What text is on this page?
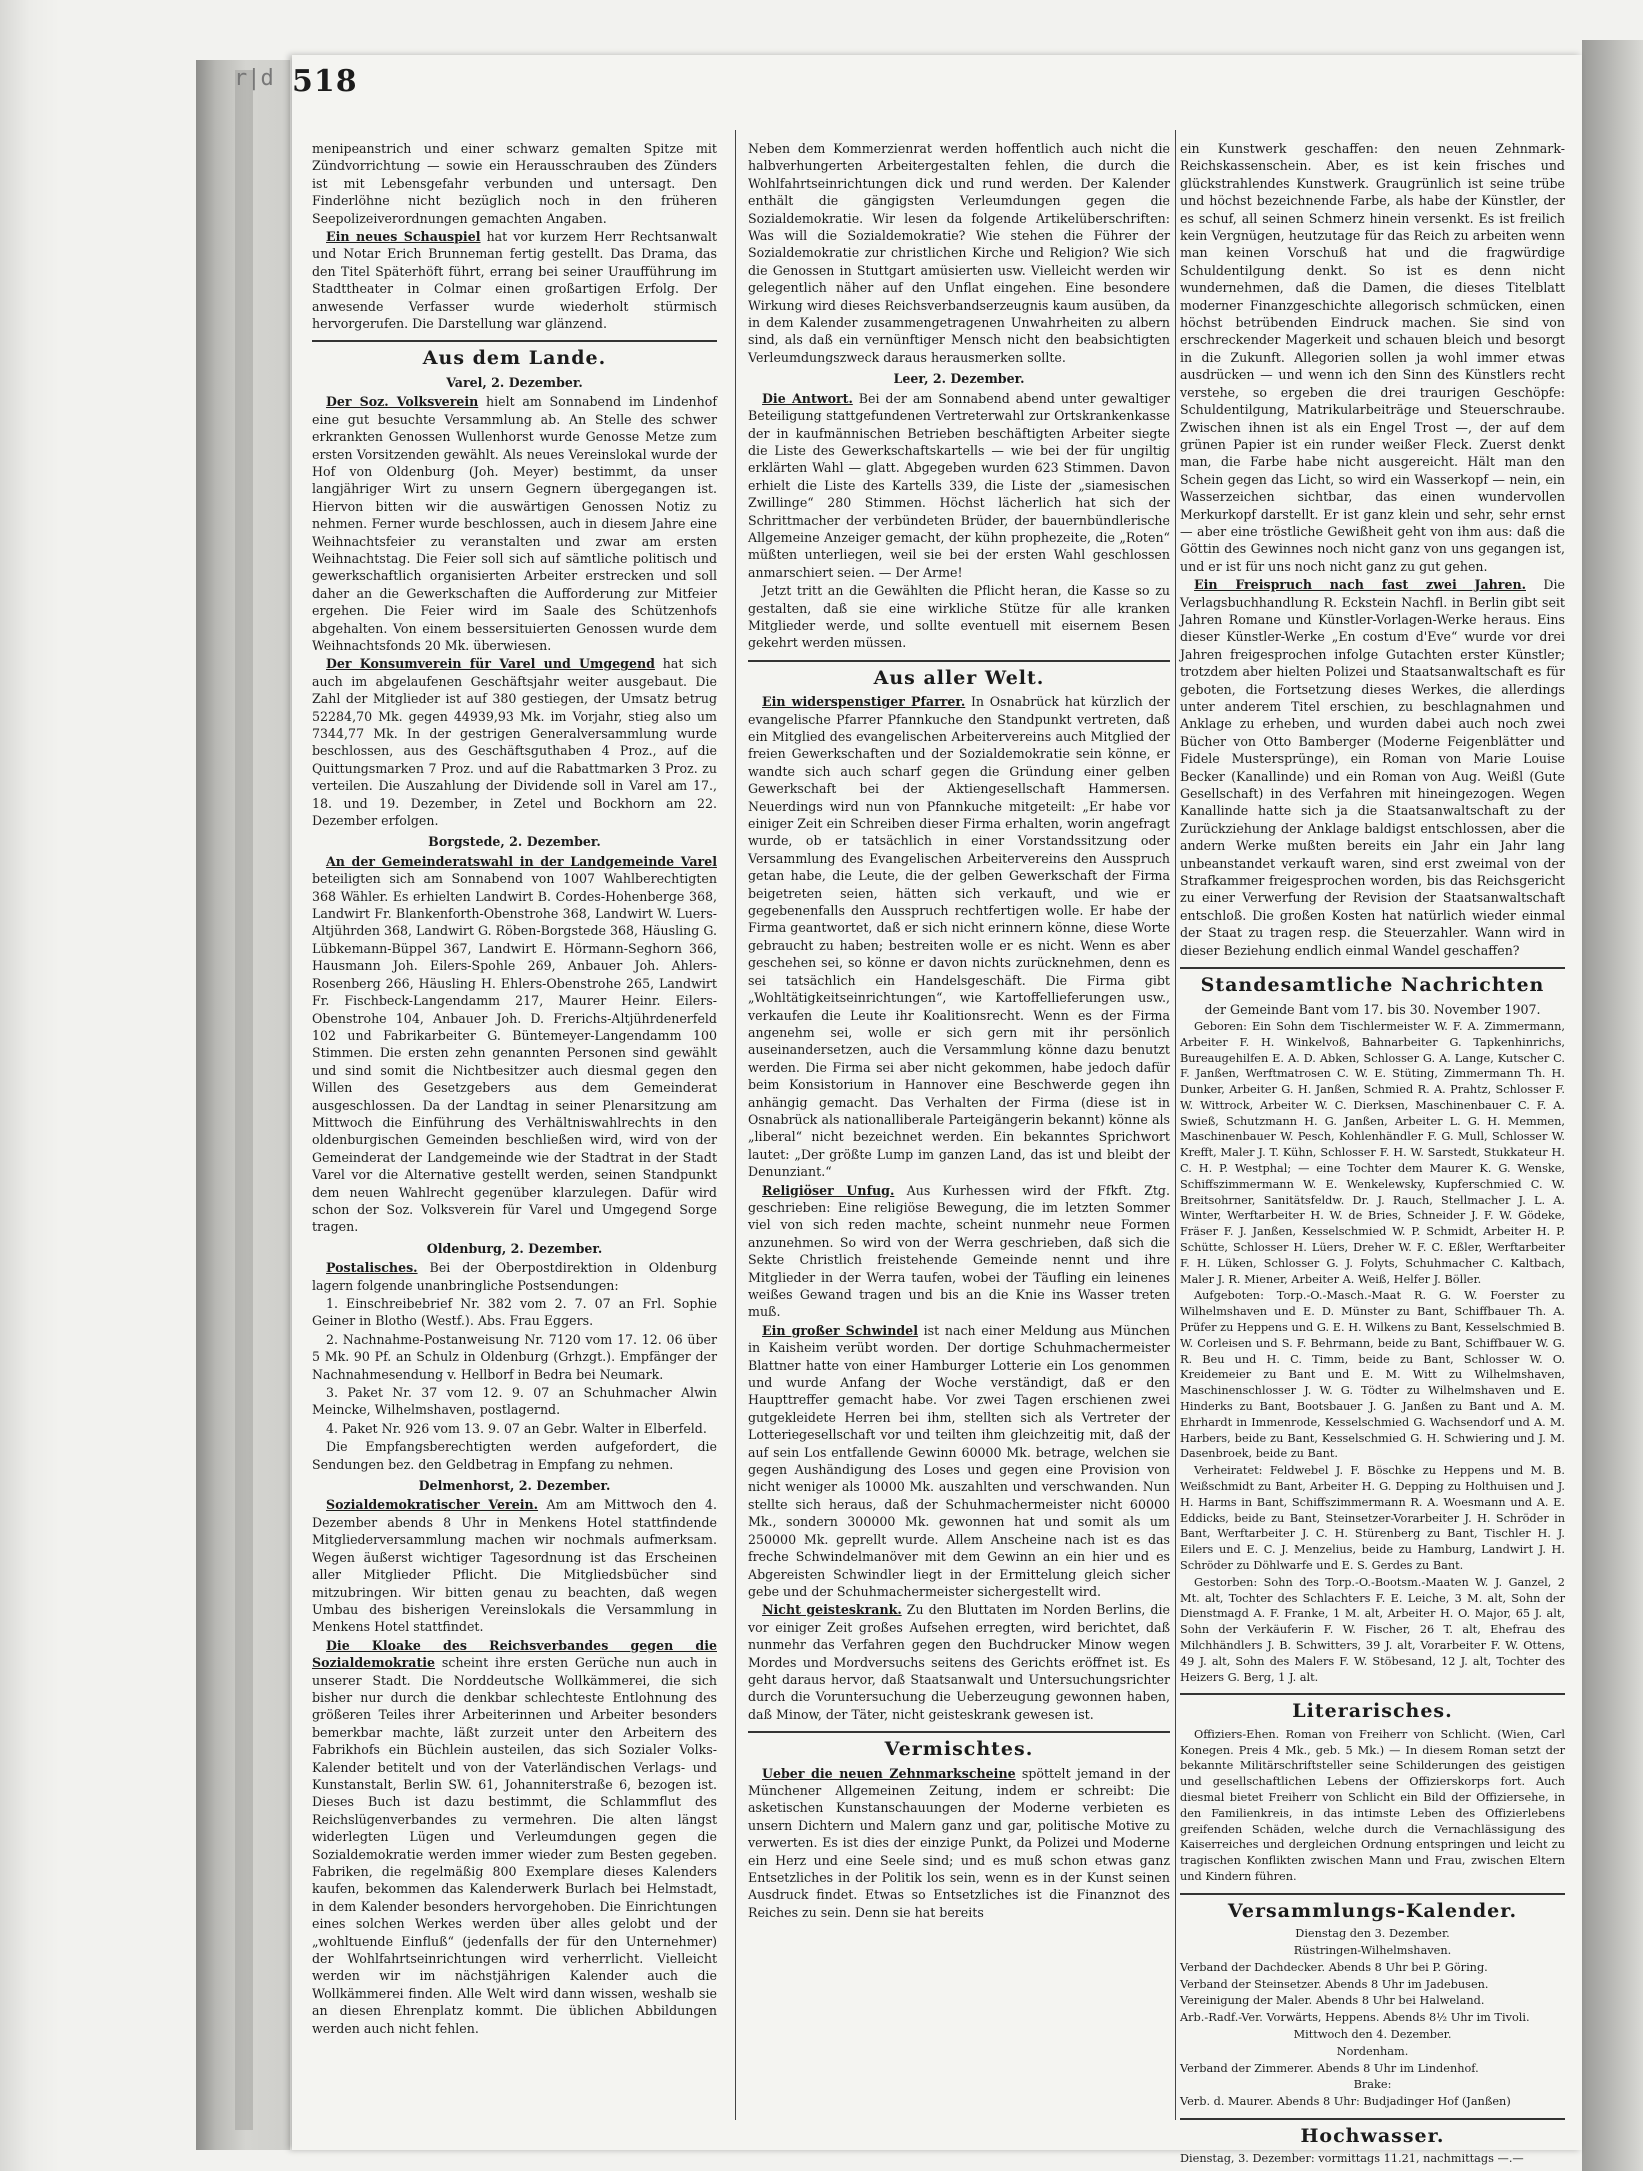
r|d 518

menipeanstrich und einer schwarz gemalten Spitze mit Zündvorrichtung — sowie ein Herausschrauben des Zünders ist mit Lebensgefahr verbunden und untersagt. Den Finderlöhne nicht bezüglich noch in den früheren Seepolizeiverordnungen gemachten Angaben.

Ein neues Schauspiel hat vor kurzem Herr Rechtsanwalt und Notar Erich Brunneman fertig gestellt. Das Drama, das den Titel Späterhöft führt, errang bei seiner Uraufführung im Stadttheater in Colmar einen großartigen Erfolg. Der anwesende Verfasser wurde wiederholt stürmisch hervorgerufen. Die Darstellung war glänzend.

Aus dem Lande.
Varel, 2. Dezember.

Der Soz. Volksverein hielt am Sonnabend im Lindenhof eine gut besuchte Versammlung ab. An Stelle des schwer erkrankten Genossen Wullenhorst wurde Genosse Metze zum ersten Vorsitzenden gewählt. Als neues Vereinslokal wurde der Hof von Oldenburg (Joh. Meyer) bestimmt, da unser langjähriger Wirt zu unsern Gegnern übergegangen ist. Hiervon bitten wir die auswärtigen Genossen Notiz zu nehmen. Ferner wurde beschlossen, auch in diesem Jahre eine Weihnachtsfeier zu veranstalten und zwar am ersten Weihnachtstag. Die Feier soll sich auf sämtliche politisch und gewerkschaftlich organisierten Arbeiter erstrecken und soll daher an die Gewerkschaften die Aufforderung zur Mitfeier ergehen. Die Feier wird im Saale des Schützenhofs abgehalten. Von einem bessersituierten Genossen wurde dem Weihnachtsfonds 20 Mk. überwiesen.

Der Konsumverein für Varel und Umgegend hat sich auch im abgelaufenen Geschäftsjahr weiter ausgebaut. Die Zahl der Mitglieder ist auf 380 gestiegen, der Umsatz betrug 52284,70 Mk. gegen 44939,93 Mk. im Vorjahr, stieg also um 7344,77 Mk. In der gestrigen Generalversammlung wurde beschlossen, aus des Geschäftsguthaben 4 Proz., auf die Quittungsmarken 7 Proz. und auf die Rabattmarken 3 Proz. zu verteilen. Die Auszahlung der Dividende soll in Varel am 17., 18. und 19. Dezember, in Zetel und Bockhorn am 22. Dezember erfolgen.

Borgstede, 2. Dezember.

An der Gemeinderatswahl in der Landgemeinde Varel beteiligten sich am Sonnabend von 1007 Wahlberechtigten 368 Wähler. Es erhielten Landwirt B. Cordes-Hohenberge 368, Landwirt Fr. Blankenforth-Obenstrohe 368, Landwirt W. Luers-Altjührden 368, Landwirt G. Röben-Borgstede 368, Häusling G. Lübkemann-Büppel 367, Landwirt E. Hörmann-Seghorn 366, Hausmann Joh. Eilers-Spohle 269, Anbauer Joh. Ahlers-Rosenberg 266, Häusling H. Ehlers-Obenstrohe 265, Landwirt Fr. Fischbeck-Langendamm 217, Maurer Heinr. Eilers-Obenstrohe 104, Anbauer Joh. D. Frerichs-Altjührdenerfeld 102 und Fabrikarbeiter G. Büntemeyer-Langendamm 100 Stimmen. Die ersten zehn genannten Personen sind gewählt und sind somit die Nichtbesitzer auch diesmal gegen den Willen des Gesetzgebers aus dem Gemeinderat ausgeschlossen. Da der Landtag in seiner Plenarsitzung am Mittwoch die Einführung des Verhältniswahlrechts in den oldenburgischen Gemeinden beschließen wird, wird von der Gemeinderat der Landgemeinde wie der Stadtrat in der Stadt Varel vor die Alternative gestellt werden, seinen Standpunkt dem neuen Wahlrecht gegenüber klarzulegen. Dafür wird schon der Soz. Volksverein für Varel und Umgegend Sorge tragen.

Oldenburg, 2. Dezember.

Postalisches. Bei der Oberpostdirektion in Oldenburg lagern folgende unanbringliche Postsendungen:

1. Einschreibebrief Nr. 382 vom 2. 7. 07 an Frl. Sophie Geiner in Blotho (Westf.). Abs. Frau Eggers.

2. Nachnahme-Postanweisung Nr. 7120 vom 17. 12. 06 über 5 Mk. 90 Pf. an Schulz in Oldenburg (Grhzgt.). Empfänger der Nachnahmesendung v. Hellborf in Bedra bei Neumark.

3. Paket Nr. 37 vom 12. 9. 07 an Schuhmacher Alwin Meincke, Wilhelmshaven, postlagernd.

4. Paket Nr. 926 vom 13. 9. 07 an Gebr. Walter in Elberfeld.

Die Empfangsberechtigten werden aufgefordert, die Sendungen bez. den Geldbetrag in Empfang zu nehmen.

Delmenhorst, 2. Dezember.

Sozialdemokratischer Verein. Am am Mittwoch den 4. Dezember abends 8 Uhr in Menkens Hotel stattfindende Mitgliederversammlung machen wir nochmals aufmerksam. Wegen äußerst wichtiger Tagesordnung ist das Erscheinen aller Mitglieder Pflicht. Die Mitgliedsbücher sind mitzubringen. Wir bitten genau zu beachten, daß wegen Umbau des bisherigen Vereinslokals die Versammlung in Menkens Hotel stattfindet.

Die Kloake des Reichsverbandes gegen die Sozialdemokratie scheint ihre ersten Gerüche nun auch in unserer Stadt. Die Norddeutsche Wollkämmerei, die sich bisher nur durch die denkbar schlechteste Entlohnung des größeren Teiles ihrer Arbeiterinnen und Arbeiter besonders bemerkbar machte, läßt zurzeit unter den Arbeitern des Fabrikhofs ein Büchlein austeilen, das sich Sozialer Volks-Kalender betitelt und von der Vaterländischen Verlags- und Kunstanstalt, Berlin SW. 61, Johanniterstraße 6, bezogen ist. Dieses Buch ist dazu bestimmt, die Schlammflut des Reichslügenverbandes zu vermehren. Die alten längst widerlegten Lügen und Verleumdungen gegen die Sozialdemokratie werden immer wieder zum Besten gegeben. Fabriken, die regelmäßig 800 Exemplare dieses Kalenders kaufen, bekommen das Kalenderwerk Burlach bei Helmstadt, in dem Kalender besonders hervorgehoben. Die Einrichtungen eines solchen Werkes werden über alles gelobt und der „wohltuende Einfluß“ (jedenfalls der für den Unternehmer) der Wohlfahrtseinrichtungen wird verherrlicht. Vielleicht werden wir im nächstjährigen Kalender auch die Wollkämmerei finden. Alle Welt wird dann wissen, weshalb sie an diesen Ehrenplatz kommt. Die üblichen Abbildungen werden auch nicht fehlen.

Neben dem Kommerzienrat werden hoffentlich auch nicht die halbverhungerten Arbeitergestalten fehlen, die durch die Wohlfahrtseinrichtungen dick und rund werden. Der Kalender enthält die gängigsten Verleumdungen gegen die Sozialdemokratie. Wir lesen da folgende Artikelüberschriften: Was will die Sozialdemokratie? Wie stehen die Führer der Sozialdemokratie zur christlichen Kirche und Religion? Wie sich die Genossen in Stuttgart amüsierten usw. Vielleicht werden wir gelegentlich näher auf den Unflat eingehen. Eine besondere Wirkung wird dieses Reichsverbandserzeugnis kaum ausüben, da in dem Kalender zusammengetragenen Unwahrheiten zu albern sind, als daß ein vernünftiger Mensch nicht den beabsichtigten Verleumdungszweck daraus herausmerken sollte.

Leer, 2. Dezember.

Die Antwort. Bei der am Sonnabend abend unter gewaltiger Beteiligung stattgefundenen Vertreterwahl zur Ortskrankenkasse der in kaufmännischen Betrieben beschäftigten Arbeiter siegte die Liste des Gewerkschaftskartells — wie bei der für ungiltig erklärten Wahl — glatt. Abgegeben wurden 623 Stimmen. Davon erhielt die Liste des Kartells 339, die Liste der „siamesischen Zwillinge“ 280 Stimmen. Höchst lächerlich hat sich der Schrittmacher der verbündeten Brüder, der bauernbündlerische Allgemeine Anzeiger gemacht, der kühn prophezeite, die „Roten“ müßten unterliegen, weil sie bei der ersten Wahl geschlossen anmarschiert seien. — Der Arme!

Jetzt tritt an die Gewählten die Pflicht heran, die Kasse so zu gestalten, daß sie eine wirkliche Stütze für alle kranken Mitglieder werde, und sollte eventuell mit eisernem Besen gekehrt werden müssen.

Aus aller Welt.

Ein widerspenstiger Pfarrer. In Osnabrück hat kürzlich der evangelische Pfarrer Pfannkuche den Standpunkt vertreten, daß ein Mitglied des evangelischen Arbeitervereins auch Mitglied der freien Gewerkschaften und der Sozialdemokratie sein könne, er wandte sich auch scharf gegen die Gründung einer gelben Gewerkschaft bei der Aktiengesellschaft Hammersen. Neuerdings wird nun von Pfannkuche mitgeteilt: „Er habe vor einiger Zeit ein Schreiben dieser Firma erhalten, worin angefragt wurde, ob er tatsächlich in einer Vorstandssitzung oder Versammlung des Evangelischen Arbeitervereins den Ausspruch getan habe, die Leute, die der gelben Gewerkschaft der Firma beigetreten seien, hätten sich verkauft, und wie er gegebenenfalls den Ausspruch rechtfertigen wolle. Er habe der Firma geantwortet, daß er sich nicht erinnern könne, diese Worte gebraucht zu haben; bestreiten wolle er es nicht. Wenn es aber geschehen sei, so könne er davon nichts zurücknehmen, denn es sei tatsächlich ein Handelsgeschäft. Die Firma gibt „Wohltätigkeitseinrichtungen“, wie Kartoffellieferungen usw., verkaufen die Leute ihr Koalitionsrecht. Wenn es der Firma angenehm sei, wolle er sich gern mit ihr persönlich auseinandersetzen, auch die Versammlung könne dazu benutzt werden. Die Firma sei aber nicht gekommen, habe jedoch dafür beim Konsistorium in Hannover eine Beschwerde gegen ihn anhängig gemacht. Das Verhalten der Firma (diese ist in Osnabrück als nationalliberale Parteigängerin bekannt) könne als „liberal“ nicht bezeichnet werden. Ein bekanntes Sprichwort lautet: „Der größte Lump im ganzen Land, das ist und bleibt der Denunziant.“

Religiöser Unfug. Aus Kurhessen wird der Ffkft. Ztg. geschrieben: Eine religiöse Bewegung, die im letzten Sommer viel von sich reden machte, scheint nunmehr neue Formen anzunehmen. So wird von der Werra geschrieben, daß sich die Sekte Christlich freistehende Gemeinde nennt und ihre Mitglieder in der Werra taufen, wobei der Täufling ein leinenes weißes Gewand tragen und bis an die Knie ins Wasser treten muß.

Ein großer Schwindel ist nach einer Meldung aus München in Kaisheim verübt worden. Der dortige Schuhmachermeister Blattner hatte von einer Hamburger Lotterie ein Los genommen und wurde Anfang der Woche verständigt, daß er den Haupttreffer gemacht habe. Vor zwei Tagen erschienen zwei gutgekleidete Herren bei ihm, stellten sich als Vertreter der Lotteriegesellschaft vor und teilten ihm gleichzeitig mit, daß der auf sein Los entfallende Gewinn 60000 Mk. betrage, welchen sie gegen Aushändigung des Loses und gegen eine Provision von nicht weniger als 10000 Mk. auszahlten und verschwanden. Nun stellte sich heraus, daß der Schuhmachermeister nicht 60000 Mk., sondern 300000 Mk. gewonnen hat und somit als um 250000 Mk. geprellt wurde. Allem Anscheine nach ist es das freche Schwindelmanöver mit dem Gewinn an ein hier und es Abgereisten Schwindler liegt in der Ermittelung gleich sicher gebe und der Schuhmachermeister sichergestellt wird.

Nicht geisteskrank. Zu den Bluttaten im Norden Berlins, die vor einiger Zeit großes Aufsehen erregten, wird berichtet, daß nunmehr das Verfahren gegen den Buchdrucker Minow wegen Mordes und Mordversuchs seitens des Gerichts eröffnet ist. Es geht daraus hervor, daß Staatsanwalt und Untersuchungsrichter durch die Voruntersuchung die Ueberzeugung gewonnen haben, daß Minow, der Täter, nicht geisteskrank gewesen ist.

Vermischtes.

Ueber die neuen Zehnmarkscheine spöttelt jemand in der Münchener Allgemeinen Zeitung, indem er schreibt: Die asketischen Kunstanschauungen der Moderne verbieten es unsern Dichtern und Malern ganz und gar, politische Motive zu verwerten. Es ist dies der einzige Punkt, da Polizei und Moderne ein Herz und eine Seele sind; und es muß schon etwas ganz Entsetzliches in der Politik los sein, wenn es in der Kunst seinen Ausdruck findet. Etwas so Entsetzliches ist die Finanznot des Reiches zu sein. Denn sie hat bereits

ein Kunstwerk geschaffen: den neuen Zehnmark-Reichskassenschein. Aber, es ist kein frisches und glückstrahlendes Kunstwerk. Graugrünlich ist seine trübe und höchst bezeichnende Farbe, als habe der Künstler, der es schuf, all seinen Schmerz hinein versenkt. Es ist freilich kein Vergnügen, heutzutage für das Reich zu arbeiten wenn man keinen Vorschuß hat und die fragwürdige Schuldentilgung denkt. So ist es denn nicht wundernehmen, daß die Damen, die dieses Titelblatt moderner Finanzgeschichte allegorisch schmücken, einen höchst betrübenden Eindruck machen. Sie sind von erschreckender Magerkeit und schauen bleich und besorgt in die Zukunft. Allegorien sollen ja wohl immer etwas ausdrücken — und wenn ich den Sinn des Künstlers recht verstehe, so ergeben die drei traurigen Geschöpfe: Schuldentilgung, Matrikularbeiträge und Steuerschraube. Zwischen ihnen ist als ein Engel Trost —, der auf dem grünen Papier ist ein runder weißer Fleck. Zuerst denkt man, die Farbe habe nicht ausgereicht. Hält man den Schein gegen das Licht, so wird ein Wasserkopf — nein, ein Wasserzeichen sichtbar, das einen wundervollen Merkurkopf darstellt. Er ist ganz klein und sehr, sehr ernst — aber eine tröstliche Gewißheit geht von ihm aus: daß die Göttin des Gewinnes noch nicht ganz von uns gegangen ist, und er ist für uns noch nicht ganz zu gut gehen.

Ein Freispruch nach fast zwei Jahren. Die Verlagsbuchhandlung R. Eckstein Nachfl. in Berlin gibt seit Jahren Romane und Künstler-Vorlagen-Werke heraus. Eins dieser Künstler-Werke „En costum d'Eve“ wurde vor drei Jahren freigesprochen infolge Gutachten erster Künstler; trotzdem aber hielten Polizei und Staatsanwaltschaft es für geboten, die Fortsetzung dieses Werkes, die allerdings unter anderem Titel erschien, zu beschlagnahmen und Anklage zu erheben, und wurden dabei auch noch zwei Bücher von Otto Bamberger (Moderne Feigenblätter und Fidele Mustersprünge), ein Roman von Marie Louise Becker (Kanallinde) und ein Roman von Aug. Weißl (Gute Gesellschaft) in des Verfahren mit hineingezogen. Wegen Kanallinde hatte sich ja die Staatsanwaltschaft zu der Zurückziehung der Anklage baldigst entschlossen, aber die andern Werke mußten bereits ein Jahr ein Jahr lang unbeanstandet verkauft waren, sind erst zweimal von der Strafkammer freigesprochen worden, bis das Reichsgericht zu einer Verwerfung der Revision der Staatsanwaltschaft entschloß. Die großen Kosten hat natürlich wieder einmal der Staat zu tragen resp. die Steuerzahler. Wann wird in dieser Beziehung endlich einmal Wandel geschaffen?

Standesamtliche Nachrichten

der Gemeinde Bant vom 17. bis 30. November 1907.

Geboren: Ein Sohn dem Tischlermeister W. F. A. Zimmermann, Arbeiter F. H. Winkelvoß, Bahnarbeiter G. Tapkenhinrichs, Bureaugehilfen E. A. D. Abken, Schlosser G. A. Lange, Kutscher C. F. Janßen, Werftmatrosen C. W. E. Stüting, Zimmermann Th. H. Dunker, Arbeiter G. H. Janßen, Schmied R. A. Prahtz, Schlosser F. W. Wittrock, Arbeiter W. C. Dierksen, Maschinenbauer C. F. A. Swieß, Schutzmann H. G. Janßen, Arbeiter L. G. H. Memmen, Maschinenbauer W. Pesch, Kohlenhändler F. G. Mull, Schlosser W. Krefft, Maler J. T. Kühn, Schlosser F. H. W. Sarstedt, Stukkateur H. C. H. P. Westphal; — eine Tochter dem Maurer K. G. Wenske, Schiffszimmermann W. E. Wenkelewsky, Kupferschmied C. W. Breitsohrner, Sanitätsfeldw. Dr. J. Rauch, Stellmacher J. L. A. Winter, Werftarbeiter H. W. de Bries, Schneider J. F. W. Gödeke, Fräser F. J. Janßen, Kesselschmied W. P. Schmidt, Arbeiter H. P. Schütte, Schlosser H. Lüers, Dreher W. F. C. Eßler, Werftarbeiter F. H. Lüken, Schlosser G. J. Folyts, Schuhmacher C. Kaltbach, Maler J. R. Miener, Arbeiter A. Weiß, Helfer J. Böller.

Aufgeboten: Torp.-O.-Masch.-Maat R. G. W. Foerster zu Wilhelmshaven und E. D. Münster zu Bant, Schiffbauer Th. A. Prüfer zu Heppens und G. E. H. Wilkens zu Bant, Kesselschmied B. W. Corleisen und S. F. Behrmann, beide zu Bant, Schiffbauer W. G. R. Beu und H. C. Timm, beide zu Bant, Schlosser W. O. Kreidemeier zu Bant und E. M. Witt zu Wilhelmshaven, Maschinenschlosser J. W. G. Tödter zu Wilhelmshaven und E. Hinderks zu Bant, Bootsbauer J. G. Janßen zu Bant und A. M. Ehrhardt in Immenrode, Kesselschmied G. Wachsendorf und A. M. Harbers, beide zu Bant, Kesselschmied G. H. Schwiering und J. M. Dasenbroek, beide zu Bant.

Verheiratet: Feldwebel J. F. Böschke zu Heppens und M. B. Weißschmidt zu Bant, Arbeiter H. G. Depping zu Holthuisen und J. H. Harms in Bant, Schiffszimmermann R. A. Woesmann und A. E. Eddicks, beide zu Bant, Steinsetzer-Vorarbeiter J. H. Schröder in Bant, Werftarbeiter J. C. H. Stürenberg zu Bant, Tischler H. J. Eilers und E. C. J. Menzelius, beide zu Hamburg, Landwirt J. H. Schröder zu Döhlwarfe und E. S. Gerdes zu Bant.

Gestorben: Sohn des Torp.-O.-Bootsm.-Maaten W. J. Ganzel, 2 Mt. alt, Tochter des Schlachters F. E. Leiche, 3 M. alt, Sohn der Dienstmagd A. F. Franke, 1 M. alt, Arbeiter H. O. Major, 65 J. alt, Sohn der Verkäuferin F. W. Fischer, 26 T. alt, Ehefrau des Milchhändlers J. B. Schwitters, 39 J. alt, Vorarbeiter F. W. Ottens, 49 J. alt, Sohn des Malers F. W. Stöbesand, 12 J. alt, Tochter des Heizers G. Berg, 1 J. alt.

Literarisches.

Offiziers-Ehen. Roman von Freiherr von Schlicht. (Wien, Carl Konegen. Preis 4 Mk., geb. 5 Mk.) — In diesem Roman setzt der bekannte Militärschriftsteller seine Schilderungen des geistigen und gesellschaftlichen Lebens der Offizierskorps fort. Auch diesmal bietet Freiherr von Schlicht ein Bild der Offiziersehe, in den Familienkreis, in das intimste Leben des Offizierlebens greifenden Schäden, welche durch die Vernachlässigung des Kaiserreiches und dergleichen Ordnung entspringen und leicht zu tragischen Konflikten zwischen Mann und Frau, zwischen Eltern und Kindern führen.

Versammlungs-Kalender.

Dienstag den 3. Dezember.

Rüstringen-Wilhelmshaven.

Verband der Dachdecker. Abends 8 Uhr bei P. Göring.

Verband der Steinsetzer. Abends 8 Uhr im Jadebusen.

Vereinigung der Maler. Abends 8 Uhr bei Halweland.

Arb.-Radf.-Ver. Vorwärts, Heppens. Abends 8½ Uhr im Tivoli.

Mittwoch den 4. Dezember.

Nordenham.

Verband der Zimmerer. Abends 8 Uhr im Lindenhof.

Brake:

Verb. d. Maurer. Abends 8 Uhr: Budjadinger Hof (Janßen)

Hochwasser.

Dienstag, 3. Dezember: vormittags 11.21, nachmittags —.—
